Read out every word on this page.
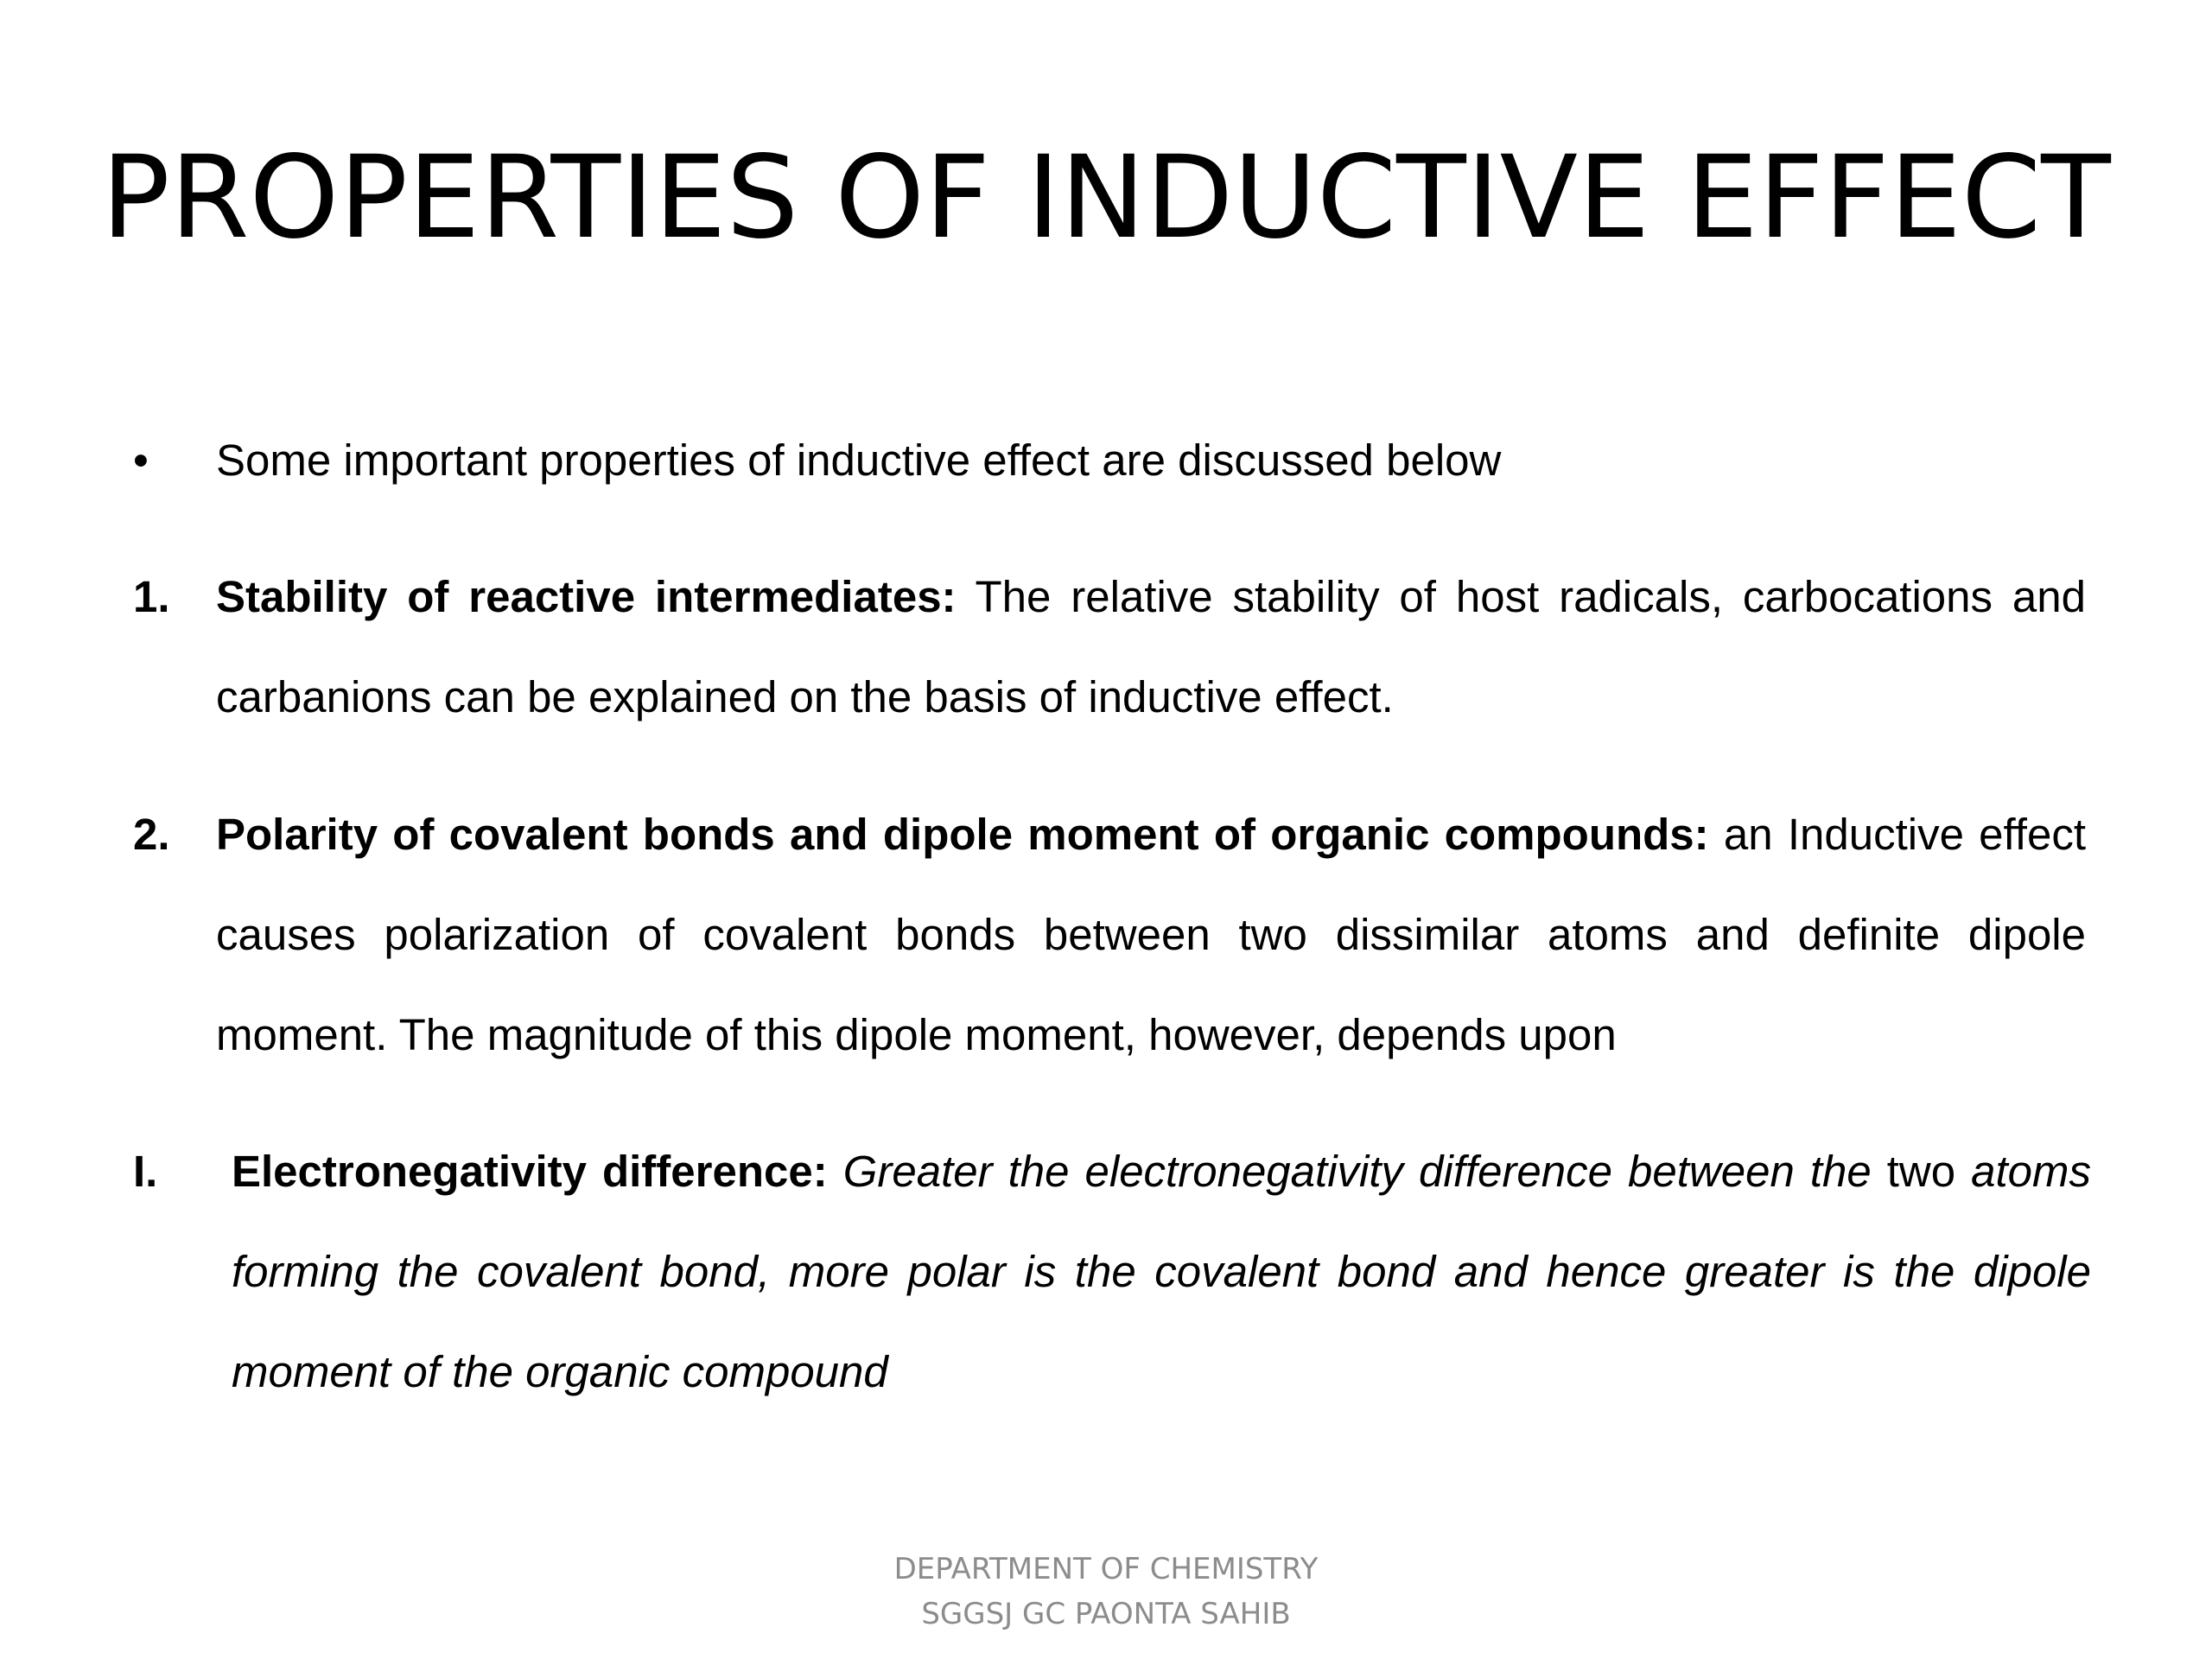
PROPERTIES OF INDUCTIVE EFFECT
• Some important properties of inductive effect are discussed below
1. Stability of reactive intermediates: The relative stability of host radicals, carbocations and carbanions can be explained on the basis of inductive effect.
2. Polarity of covalent bonds and dipole moment of organic compounds: an Inductive effect causes polarization of covalent bonds between two dissimilar atoms and definite dipole moment. The magnitude of this dipole moment, however, depends upon
I. Electronegativity difference: Greater the electronegativity difference between the two atoms forming the covalent bond, more polar is the covalent bond and hence greater is the dipole moment of the organic compound
DEPARTMENT OF CHEMISTRY
SGGSJ GC PAONTA SAHIB
